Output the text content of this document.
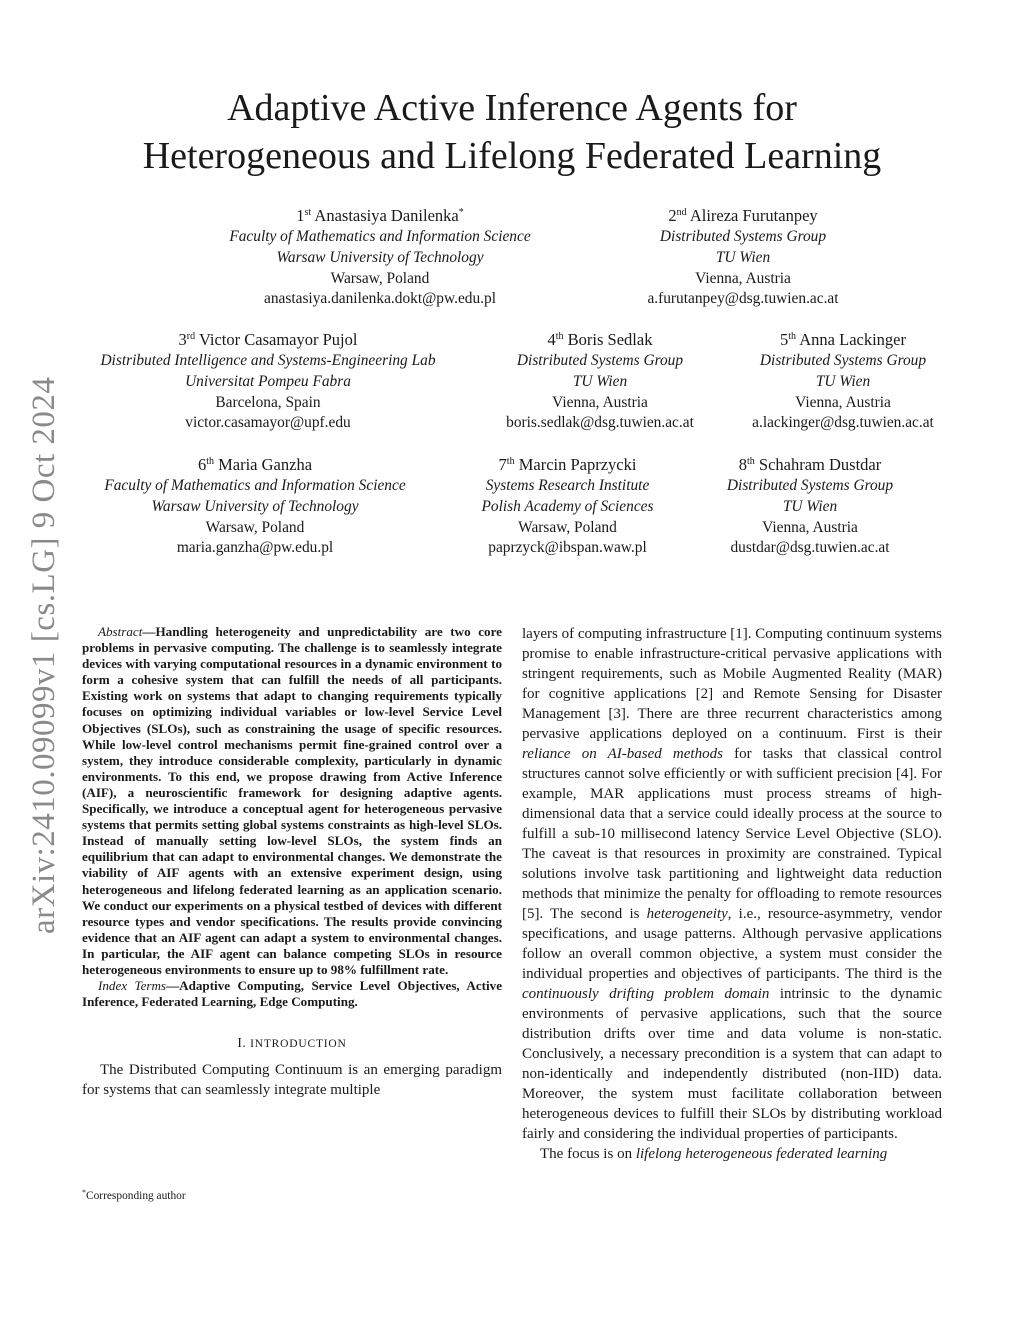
arXiv:2410.09099v1 [cs.LG] 9 Oct 2024
Adaptive Active Inference Agents for
Heterogeneous and Lifelong Federated Learning
1st Anastasiya Danilenka*
Faculty of Mathematics and Information Science
Warsaw University of Technology
Warsaw, Poland
anastasiya.danilenka.dokt@pw.edu.pl
2nd Alireza Furutanpey
Distributed Systems Group
TU Wien
Vienna, Austria
a.furutanpey@dsg.tuwien.ac.at
3rd Victor Casamayor Pujol
Distributed Intelligence and Systems-Engineering Lab
Universitat Pompeu Fabra
Barcelona, Spain
victor.casamayor@upf.edu
4th Boris Sedlak
Distributed Systems Group
TU Wien
Vienna, Austria
boris.sedlak@dsg.tuwien.ac.at
5th Anna Lackinger
Distributed Systems Group
TU Wien
Vienna, Austria
a.lackinger@dsg.tuwien.ac.at
6th Maria Ganzha
Faculty of Mathematics and Information Science
Warsaw University of Technology
Warsaw, Poland
maria.ganzha@pw.edu.pl
7th Marcin Paprzycki
Systems Research Institute
Polish Academy of Sciences
Warsaw, Poland
paprzyck@ibspan.waw.pl
8th Schahram Dustdar
Distributed Systems Group
TU Wien
Vienna, Austria
dustdar@dsg.tuwien.ac.at

Abstract—Handling heterogeneity and unpredictability are two core problems in pervasive computing. The challenge is to seamlessly integrate devices with varying computational resources in a dynamic environment to form a cohesive system that can fulfill the needs of all participants. Existing work on systems that adapt to changing requirements typically focuses on optimizing individual variables or low-level Service Level Objectives (SLOs), such as constraining the usage of specific resources. While low-level control mechanisms permit fine-grained control over a system, they introduce considerable complexity, particularly in dynamic environments. To this end, we propose drawing from Active Inference (AIF), a neuroscientific framework for designing adaptive agents. Specifically, we introduce a conceptual agent for heterogeneous pervasive systems that permits setting global systems constraints as high-level SLOs. Instead of manually setting low-level SLOs, the system finds an equilibrium that can adapt to environmental changes. We demonstrate the viability of AIF agents with an extensive experiment design, using heterogeneous and lifelong federated learning as an application scenario. We conduct our experiments on a physical testbed of devices with different resource types and vendor specifications. The results provide convincing evidence that an AIF agent can adapt a system to environmental changes. In particular, the AIF agent can balance competing SLOs in resource heterogeneous environments to ensure up to 98% fulfillment rate.

Index Terms—Adaptive Computing, Service Level Objectives, Active Inference, Federated Learning, Edge Computing.

I. INTRODUCTION

The Distributed Computing Continuum is an emerging paradigm for systems that can seamlessly integrate multiple

*Corresponding author

layers of computing infrastructure [1]. Computing continuum systems promise to enable infrastructure-critical pervasive applications with stringent requirements, such as Mobile Augmented Reality (MAR) for cognitive applications [2] and Remote Sensing for Disaster Management [3]. There are three recurrent characteristics among pervasive applications deployed on a continuum. First is their reliance on AI-based methods for tasks that classical control structures cannot solve efficiently or with sufficient precision [4]. For example, MAR applications must process streams of high-dimensional data that a service could ideally process at the source to fulfill a sub-10 millisecond latency Service Level Objective (SLO). The caveat is that resources in proximity are constrained. Typical solutions involve task partitioning and lightweight data reduction methods that minimize the penalty for offloading to remote resources [5]. The second is heterogeneity, i.e., resource-asymmetry, vendor specifications, and usage patterns. Although pervasive applications follow an overall common objective, a system must consider the individual properties and objectives of participants. The third is the continuously drifting problem domain intrinsic to the dynamic environments of pervasive applications, such that the source distribution drifts over time and data volume is non-static. Conclusively, a necessary precondition is a system that can adapt to non-identically and independently distributed (non-IID) data. Moreover, the system must facilitate collaboration between heterogeneous devices to fulfill their SLOs by distributing workload fairly and considering the individual properties of participants.

The focus is on lifelong heterogeneous federated learning
